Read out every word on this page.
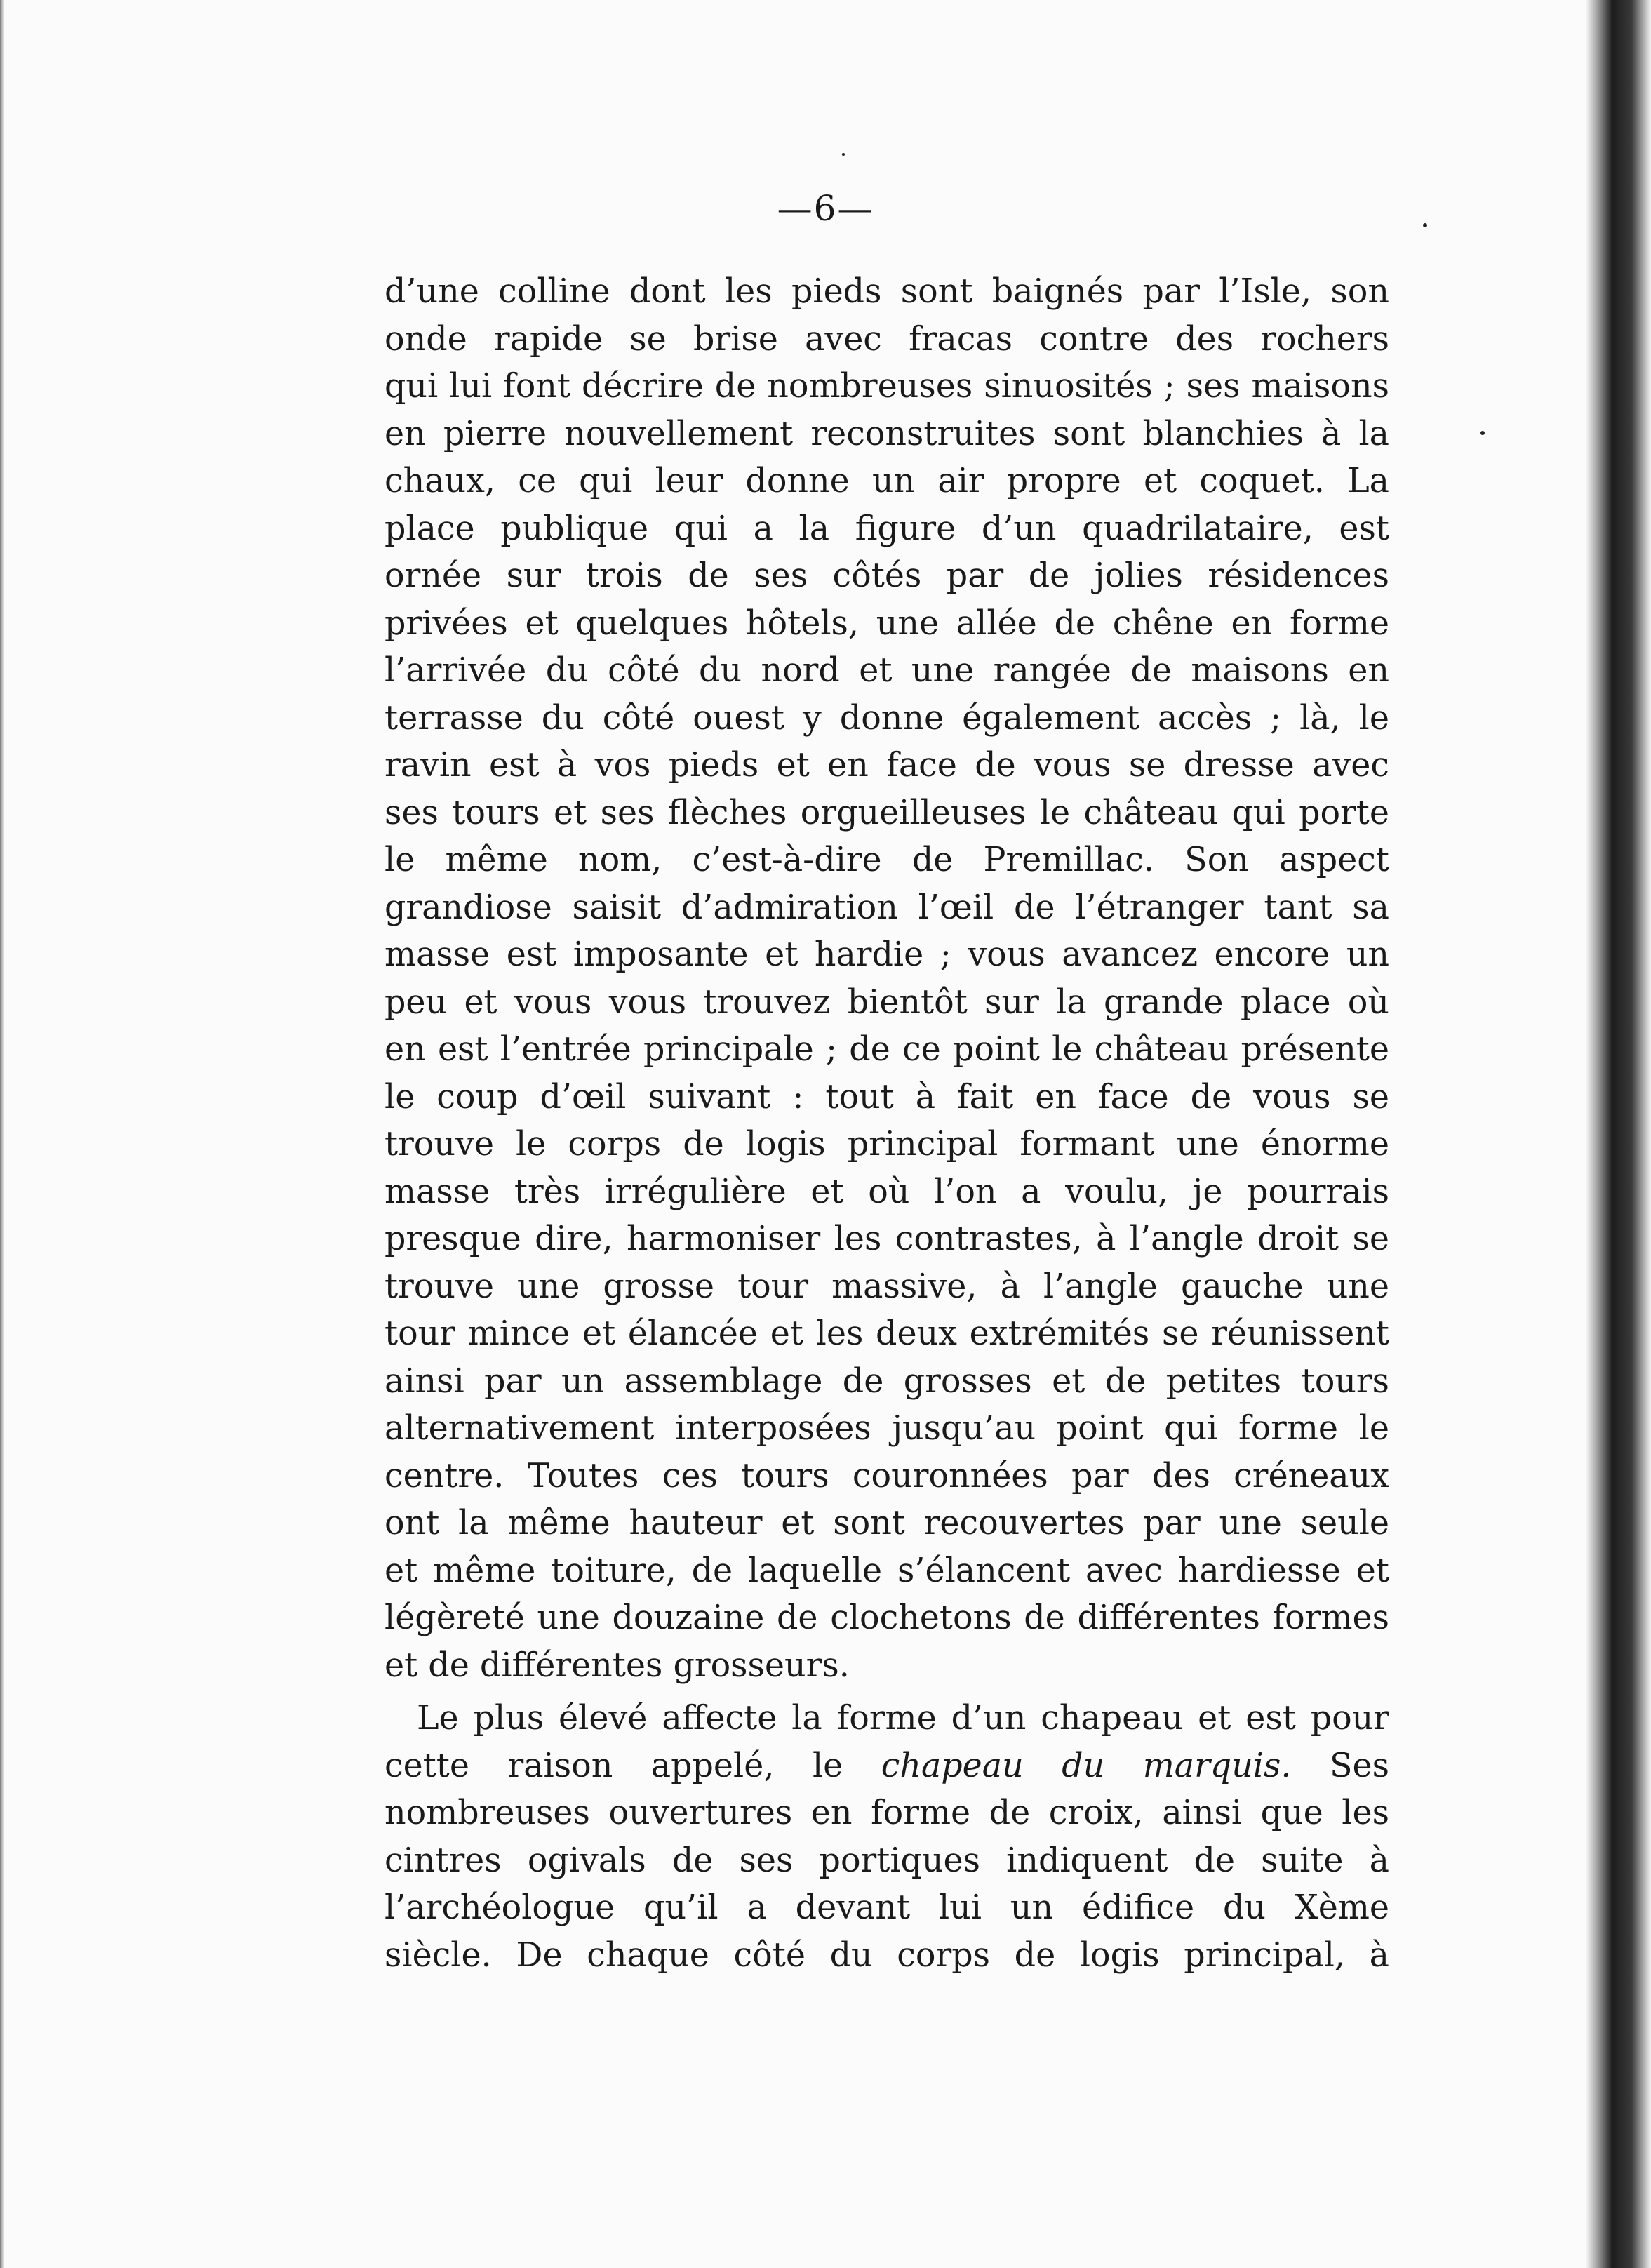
—6—
d’une colline dont les pieds sont baignés par l’Isle, son
onde rapide se brise avec fracas contre des rochers
qui lui font décrire de nombreuses sinuosités ; ses maisons
en pierre nouvellement reconstruites sont blanchies à la
chaux, ce qui leur donne un air propre et coquet. La
place publique qui a la figure d’un quadrilataire, est
ornée sur trois de ses côtés par de jolies résidences
privées et quelques hôtels, une allée de chêne en forme
l’arrivée du côté du nord et une rangée de maisons en
terrasse du côté ouest y donne également accès ; là, le
ravin est à vos pieds et en face de vous se dresse avec
ses tours et ses flèches orgueilleuses le château qui porte
le même nom, c’est-à-dire de Premillac. Son aspect
grandiose saisit d’admiration l’œil de l’étranger tant sa
masse est imposante et hardie ; vous avancez encore un
peu et vous vous trouvez bientôt sur la grande place où
en est l’entrée principale ; de ce point le château présente
le coup d’œil suivant : tout à fait en face de vous se
trouve le corps de logis principal formant une énorme
masse très irrégulière et où l’on a voulu, je pourrais
presque dire, harmoniser les contrastes, à l’angle droit se
trouve une grosse tour massive, à l’angle gauche une
tour mince et élancée et les deux extrémités se réunissent
ainsi par un assemblage de grosses et de petites tours
alternativement interposées jusqu’au point qui forme le
centre. Toutes ces tours couronnées par des créneaux
ont la même hauteur et sont recouvertes par une seule
et même toiture, de laquelle s’élancent avec hardiesse et
légèreté une douzaine de clochetons de différentes formes
et de différentes grosseurs.
Le plus élevé affecte la forme d’un chapeau et est pour
cette raison appelé, le chapeau du marquis. Ses
nombreuses ouvertures en forme de croix, ainsi que les
cintres ogivals de ses portiques indiquent de suite à
l’archéologue qu’il a devant lui un édifice du Xème
siècle. De chaque côté du corps de logis principal, à
